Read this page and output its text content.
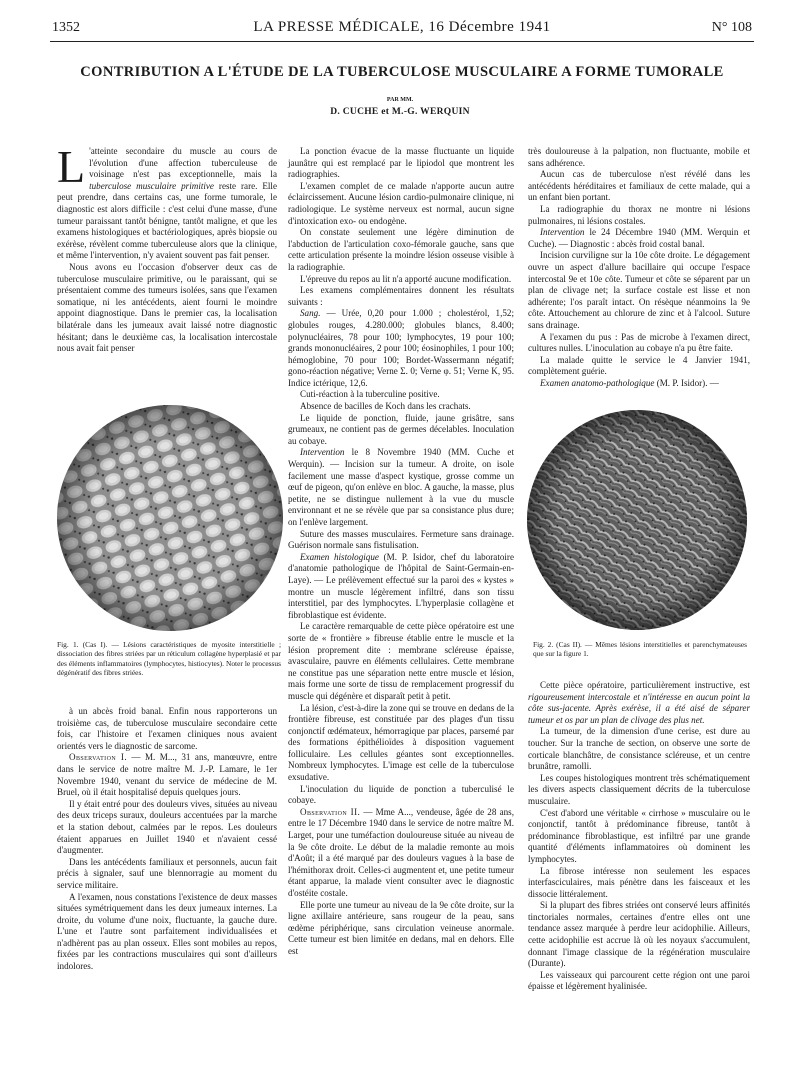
1352	LA PRESSE MÉDICALE, 16 Décembre 1941	N° 108
CONTRIBUTION A L'ÉTUDE DE LA TUBERCULOSE MUSCULAIRE A FORME TUMORALE
PAR MM.
D. CUCHE et M.-G. WERQUIN

L 'atteinte secondaire du muscle au cours de l'évolution d'une affection tuberculeuse de voisinage n'est pas exceptionnelle, mais la tuberculose musculaire primitive reste rare. Elle peut prendre, dans certains cas, une forme tumorale, le diagnostic est alors difficile : c'est celui d'une masse, d'une tumeur paraissant tantôt bénigne, tantôt maligne, et que les examens histologiques et bactériologiques, après biopsie ou exérèse, révèlent comme tuberculeuse alors que la clinique, et même l'intervention, n'y avaient souvent pas fait penser.

Nous avons eu l'occasion d'observer deux cas de tuberculose musculaire primitive, ou le paraissant, qui se présentaient comme des tumeurs isolées, sans que l'examen somatique, ni les antécédents, aient fourni le moindre appoint diagnostique. Dans le premier cas, la localisation bilatérale dans les jumeaux avait laissé notre diagnostic hésitant; dans le deuxième cas, la localisation intercostale nous avait fait penser

Fig. 1. (Cas I). — Lésions caractéristiques de myosite interstitielle ; dissociation des fibres striées par un réticulum collagène hyperplasié et par des éléments inflammatoires (lymphocytes, histiocytes). Noter le processus dégénératif des fibres striées.

à un abcès froid banal. Enfin nous rapporterons un troisième cas, de tuberculose musculaire secondaire cette fois, car l'histoire et l'examen cliniques nous avaient orientés vers le diagnostic de sarcome.

Observation I. — M. M..., 31 ans, manœuvre, entre dans le service de notre maître M. J.-P. Lamare, le 1er Novembre 1940, venant du service de médecine de M. Bruel, où il était hospitalisé depuis quelques jours.

Il y était entré pour des douleurs vives, situées au niveau des deux triceps suraux, douleurs accentuées par la marche et la station debout, calmées par le repos. Les douleurs étaient apparues en Juillet 1940 et n'avaient cessé d'augmenter.

Dans les antécédents familiaux et personnels, aucun fait précis à signaler, sauf une blennorragie au moment du service militaire.

A l'examen, nous constations l'existence de deux masses situées symétriquement dans les deux jumeaux internes. La droite, du volume d'une noix, fluctuante, la gauche dure. L'une et l'autre sont parfaitement individualisées et n'adhèrent pas au plan osseux. Elles sont mobiles au repos, fixées par les contractions musculaires qui sont d'ailleurs indolores.

La ponction évacue de la masse fluctuante un liquide jaunâtre qui est remplacé par le lipiodol que montrent les radiographies.

L'examen complet de ce malade n'apporte aucun autre éclaircissement. Aucune lésion cardio-pulmonaire clinique, ni radiologique. Le système nerveux est normal, aucun signe d'intoxication exo- ou endogène.

On constate seulement une légère diminution de l'abduction de l'articulation coxo-fémorale gauche, sans que cette articulation présente la moindre lésion osseuse visible à la radiographie.

L'épreuve du repos au lit n'a apporté aucune modification.

Les examens complémentaires donnent les résultats suivants :

Sang. — Urée, 0,20 pour 1.000 ; cholestérol, 1,52; globules rouges, 4.280.000; globules blancs, 8.400; polynucléaires, 78 pour 100; lymphocytes, 19 pour 100; grands mononucléaires, 2 pour 100; éosinophiles, 1 pour 100; hémoglobine, 70 pour 100; Bordet-Wassermann négatif; gono-réaction négative; Verne Σ. 0; Verne φ. 51; Verne K, 95. Indice ictérique, 12,6.

Cuti-réaction à la tuberculine positive.

Absence de bacilles de Koch dans les crachats.

Le liquide de ponction, fluide, jaune grisâtre, sans grumeaux, ne contient pas de germes décelables. Inoculation au cobaye.

Intervention le 8 Novembre 1940 (MM. Cuche et Werquin). — Incision sur la tumeur. A droite, on isole facilement une masse d'aspect kystique, grosse comme un œuf de pigeon, qu'on enlève en bloc. A gauche, la masse, plus petite, ne se distingue nullement à la vue du muscle environnant et ne se révèle que par sa consistance plus dure; on l'enlève largement.

Suture des masses musculaires. Fermeture sans drainage. Guérison normale sans fistulisation.

Examen histologique (M. P. Isidor, chef du laboratoire d'anatomie pathologique de l'hôpital de Saint-Germain-en-Laye). — Le prélèvement effectué sur la paroi des « kystes » montre un muscle légèrement infiltré, dans son tissu interstitiel, par des lymphocytes. L'hyperplasie collagène et fibroblastique est évidente.

Le caractère remarquable de cette pièce opératoire est une sorte de « frontière » fibreuse établie entre le muscle et la lésion proprement dite : membrane scléreuse épaisse, avasculaire, pauvre en éléments cellulaires. Cette membrane ne constitue pas une séparation nette entre muscle et lésion, mais forme une sorte de tissu de remplacement progressif du muscle qui dégénère et disparaît petit à petit.

La lésion, c'est-à-dire la zone qui se trouve en dedans de la frontière fibreuse, est constituée par des plages d'un tissu conjonctif œdémateux, hémorragique par places, parsemé par des formations épithélioïdes à disposition vaguement folliculaire. Les cellules géantes sont exceptionnelles. Nombreux lymphocytes. L'image est celle de la tuberculose exsudative.

L'inoculation du liquide de ponction a tuberculisé le cobaye.

Observation II. — Mme A..., vendeuse, âgée de 28 ans, entre le 17 Décembre 1940 dans le service de notre maître M. Larget, pour une tuméfaction douloureuse située au niveau de la 9e côte droite. Le début de la maladie remonte au mois d'Août; il a été marqué par des douleurs vagues à la base de l'hémithorax droit. Celles-ci augmentent et, une petite tumeur étant apparue, la malade vient consulter avec le diagnostic d'ostéite costale.

Elle porte une tumeur au niveau de la 9e côte droite, sur la ligne axillaire antérieure, sans rougeur de la peau, sans œdème périphérique, sans circulation veineuse anormale. Cette tumeur est bien limitée en dedans, mal en dehors. Elle est

très douloureuse à la palpation, non fluctuante, mobile et sans adhérence.

Aucun cas de tuberculose n'est révélé dans les antécédents héréditaires et familiaux de cette malade, qui a un enfant bien portant.

La radiographie du thorax ne montre ni lésions pulmonaires, ni lésions costales.

Intervention le 24 Décembre 1940 (MM. Werquin et Cuche). — Diagnostic : abcès froid costal banal.

Incision curviligne sur la 10e côte droite. Le dégagement ouvre un aspect d'allure bacillaire qui occupe l'espace intercostal 9e et 10e côte. Tumeur et côte se séparent par un plan de clivage net; la surface costale est lisse et non adhérente; l'os paraît intact. On résèque néanmoins la 9e côte. Attouchement au chlorure de zinc et à l'alcool. Suture sans drainage.

A l'examen du pus : Pas de microbe à l'examen direct, cultures nulles. L'inoculation au cobaye n'a pu être faite.

La malade quitte le service le 4 Janvier 1941, complètement guérie.

Examen anatomo-pathologique (M. P. Isidor). —

Fig. 2. (Cas II). — Mêmes lésions interstitielles et parenchymateuses que sur la figure 1.

Cette pièce opératoire, particulièrement instructive, est rigoureusement intercostale et n'intéresse en aucun point la côte sus-jacente. Après exérèse, il a été aisé de séparer tumeur et os par un plan de clivage des plus net.

La tumeur, de la dimension d'une cerise, est dure au toucher. Sur la tranche de section, on observe une sorte de corticale blanchâtre, de consistance scléreuse, et un centre brunâtre, ramolli.

Les coupes histologiques montrent très schématiquement les divers aspects classiquement décrits de la tuberculose musculaire.

C'est d'abord une véritable « cirrhose » musculaire ou le conjonctif, tantôt à prédominance fibreuse, tantôt à prédominance fibroblastique, est infiltré par une grande quantité d'éléments inflammatoires où dominent les lymphocytes.

La fibrose intéresse non seulement les espaces interfasciculaires, mais pénètre dans les faisceaux et les dissocie littéralement.

Si la plupart des fibres striées ont conservé leurs affinités tinctoriales normales, certaines d'entre elles ont une tendance assez marquée à perdre leur acidophilie. Ailleurs, cette acidophilie est accrue là où les noyaux s'accumulent, donnant l'image classique de la régénération musculaire (Durante).

Les vaisseaux qui parcourent cette région ont une paroi épaisse et légèrement hyalinisée.
